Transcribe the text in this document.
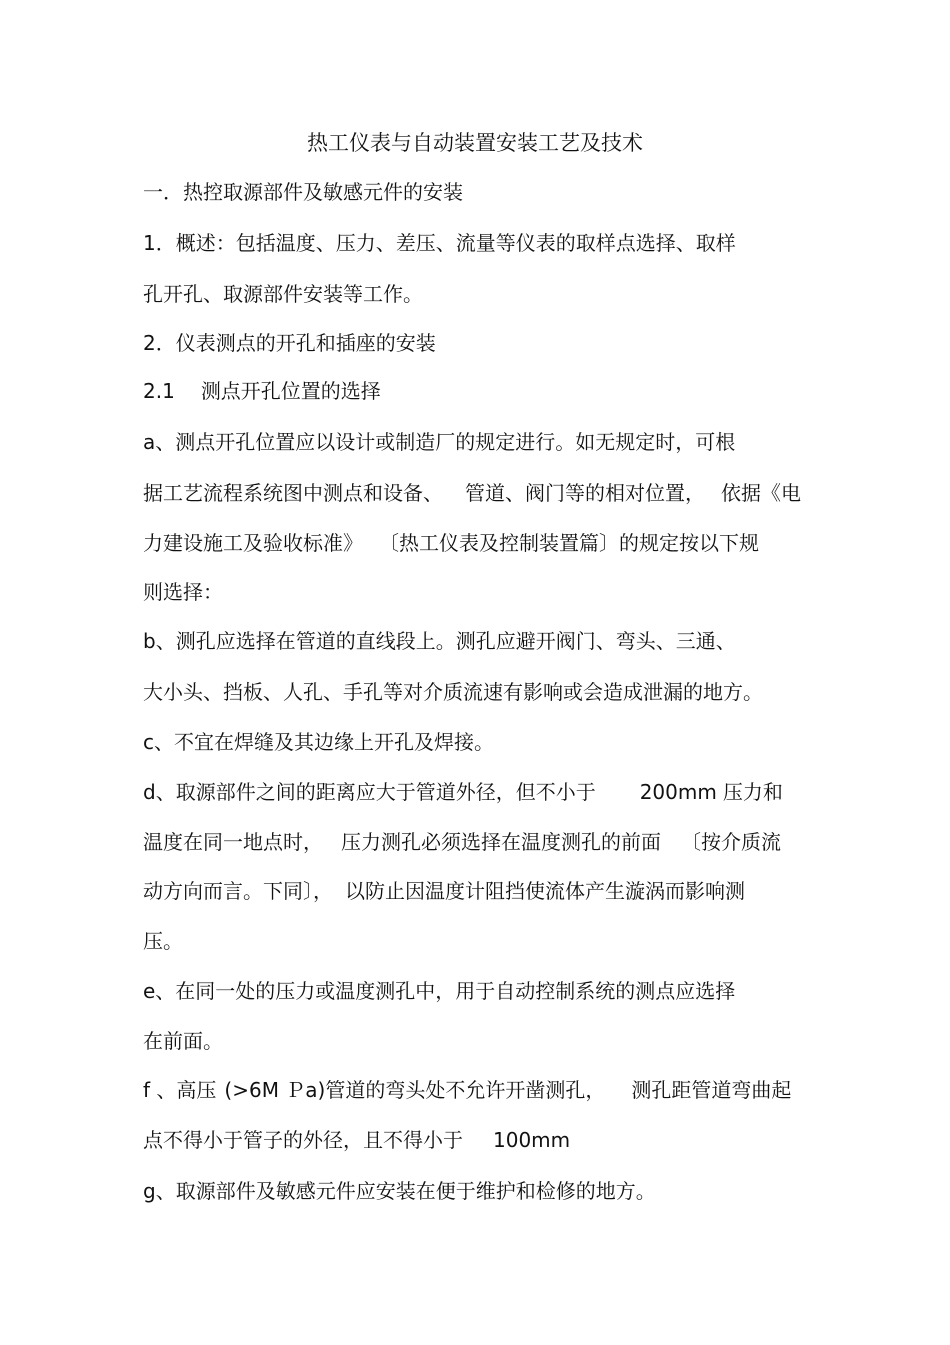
热工仪表与自动装置安装工艺及技术
一．热控取源部件及敏感元件的安装
1．概述：包括温度、压力、差压、流量等仪表的取样点选择、取样
孔开孔、取源部件安装等工作。
2．仪表测点的开孔和插座的安装
2.1 测点开孔位置的选择
a、测点开孔位置应以设计或制造厂的规定进行。如无规定时，可根
据工艺流程系统图中测点和设备、 管道、阀门等的相对位置， 依据《电
力建设施工及验收标准》 〔热工仪表及控制装置篇〕的规定按以下规
则选择：
b、测孔应选择在管道的直线段上。测孔应避开阀门、弯头、三通、
大小头、挡板、人孔、手孔等对介质流速有影响或会造成泄漏的地方。
c、不宜在焊缝及其边缘上开孔及焊接。
d、取源部件之间的距离应大于管道外径，但不小于 200mm 压力和
温度在同一地点时， 压力测孔必须选择在温度测孔的前面 〔按介质流
动方向而言。下同〕， 以防止因温度计阻挡使流体产生漩涡而影响测
压。
e、在同一处的压力或温度测孔中，用于自动控制系统的测点应选择
在前面。
f 、高压 (>6M Ｐa)管道的弯头处不允许开凿测孔， 测孔距管道弯曲起
点不得小于管子的外径，且不得小于 100mm
g、取源部件及敏感元件应安装在便于维护和检修的地方。
